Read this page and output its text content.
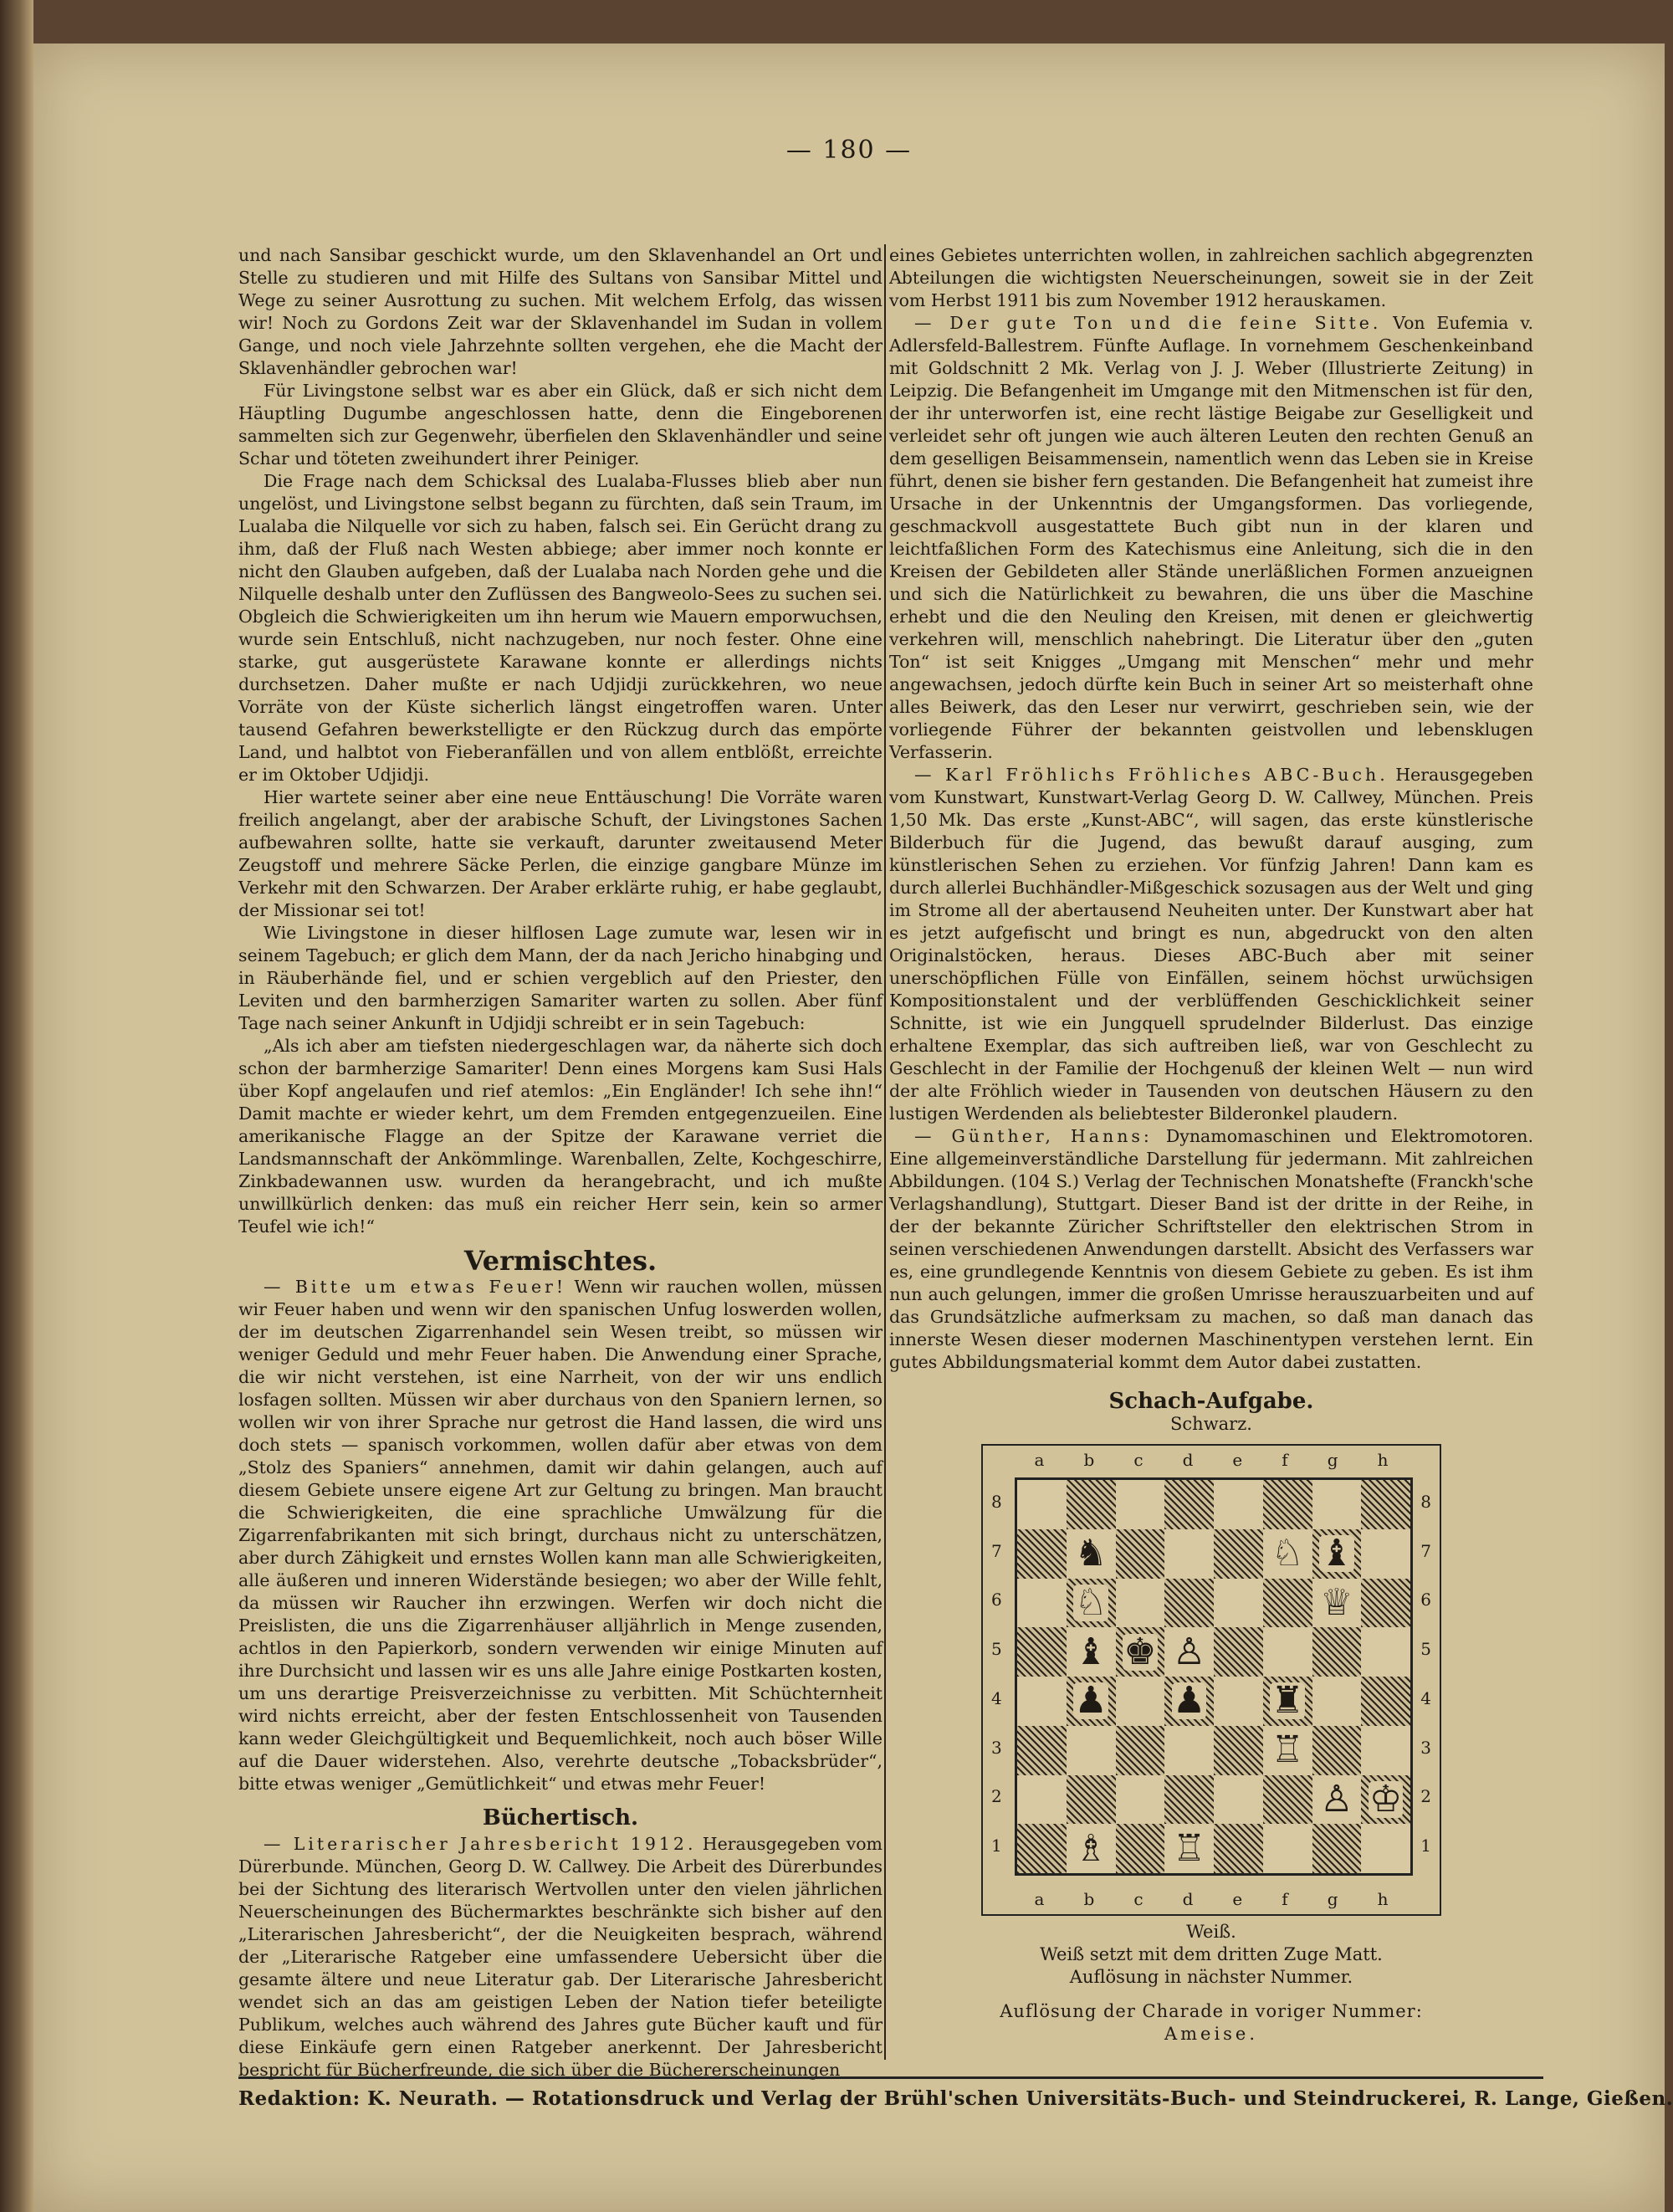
— 180 —

und nach Sansibar geschickt wurde, um den Sklavenhandel an Ort und Stelle zu studieren und mit Hilfe des Sultans von Sansibar Mittel und Wege zu seiner Ausrottung zu suchen. Mit welchem Erfolg, das wissen wir! Noch zu Gordons Zeit war der Sklavenhandel im Sudan in vollem Gange, und noch viele Jahrzehnte sollten vergehen, ehe die Macht der Sklavenhändler gebrochen war!

Für Livingstone selbst war es aber ein Glück, daß er sich nicht dem Häuptling Dugumbe angeschlossen hatte, denn die Eingeborenen sammelten sich zur Gegenwehr, überfielen den Sklavenhändler und seine Schar und töteten zweihundert ihrer Peiniger.

Die Frage nach dem Schicksal des Lualaba-Flusses blieb aber nun ungelöst, und Livingstone selbst begann zu fürchten, daß sein Traum, im Lualaba die Nilquelle vor sich zu haben, falsch sei. Ein Gerücht drang zu ihm, daß der Fluß nach Westen abbiege; aber immer noch konnte er nicht den Glauben aufgeben, daß der Lualaba nach Norden gehe und die Nilquelle deshalb unter den Zuflüssen des Bangweolo-Sees zu suchen sei. Obgleich die Schwierigkeiten um ihn herum wie Mauern emporwuchsen, wurde sein Entschluß, nicht nachzugeben, nur noch fester. Ohne eine starke, gut ausgerüstete Karawane konnte er allerdings nichts durchsetzen. Daher mußte er nach Udjidji zurückkehren, wo neue Vorräte von der Küste sicherlich längst eingetroffen waren. Unter tausend Gefahren bewerkstelligte er den Rückzug durch das empörte Land, und halbtot von Fieberanfällen und von allem entblößt, erreichte er im Oktober Udjidji.

Hier wartete seiner aber eine neue Enttäuschung! Die Vorräte waren freilich angelangt, aber der arabische Schuft, der Livingstones Sachen aufbewahren sollte, hatte sie verkauft, darunter zweitausend Meter Zeugstoff und mehrere Säcke Perlen, die einzige gangbare Münze im Verkehr mit den Schwarzen. Der Araber erklärte ruhig, er habe geglaubt, der Missionar sei tot!

Wie Livingstone in dieser hilflosen Lage zumute war, lesen wir in seinem Tagebuch; er glich dem Mann, der da nach Jericho hinabging und in Räuberhände fiel, und er schien vergeblich auf den Priester, den Leviten und den barmherzigen Samariter warten zu sollen. Aber fünf Tage nach seiner Ankunft in Udjidji schreibt er in sein Tagebuch:

„Als ich aber am tiefsten niedergeschlagen war, da näherte sich doch schon der barmherzige Samariter! Denn eines Morgens kam Susi Hals über Kopf angelaufen und rief atemlos: „Ein Engländer! Ich sehe ihn!“ Damit machte er wieder kehrt, um dem Fremden entgegenzueilen. Eine amerikanische Flagge an der Spitze der Karawane verriet die Landsmannschaft der Ankömmlinge. Warenballen, Zelte, Kochgeschirre, Zinkbadewannen usw. wurden da herangebracht, und ich mußte unwillkürlich denken: das muß ein reicher Herr sein, kein so armer Teufel wie ich!“

Vermischtes.

— Bitte um etwas Feuer! Wenn wir rauchen wollen, müssen wir Feuer haben und wenn wir den spanischen Unfug loswerden wollen, der im deutschen Zigarrenhandel sein Wesen treibt, so müssen wir weniger Geduld und mehr Feuer haben. Die Anwendung einer Sprache, die wir nicht verstehen, ist eine Narrheit, von der wir uns endlich losfagen sollten. Müssen wir aber durchaus von den Spaniern lernen, so wollen wir von ihrer Sprache nur getrost die Hand lassen, die wird uns doch stets — spanisch vorkommen, wollen dafür aber etwas von dem „Stolz des Spaniers“ annehmen, damit wir dahin gelangen, auch auf diesem Gebiete unsere eigene Art zur Geltung zu bringen. Man braucht die Schwierigkeiten, die eine sprachliche Umwälzung für die Zigarrenfabrikanten mit sich bringt, durchaus nicht zu unterschätzen, aber durch Zähigkeit und ernstes Wollen kann man alle Schwierigkeiten, alle äußeren und inneren Widerstände besiegen; wo aber der Wille fehlt, da müssen wir Raucher ihn erzwingen. Werfen wir doch nicht die Preislisten, die uns die Zigarrenhäuser alljährlich in Menge zusenden, achtlos in den Papierkorb, sondern verwenden wir einige Minuten auf ihre Durchsicht und lassen wir es uns alle Jahre einige Postkarten kosten, um uns derartige Preisverzeichnisse zu verbitten. Mit Schüchternheit wird nichts erreicht, aber der festen Entschlossenheit von Tausenden kann weder Gleichgültigkeit und Bequemlichkeit, noch auch böser Wille auf die Dauer widerstehen. Also, verehrte deutsche „Tobacksbrüder“, bitte etwas weniger „Gemütlichkeit“ und etwas mehr Feuer!

Büchertisch.

— Literarischer Jahresbericht 1912. Herausgegeben vom Dürerbunde. München, Georg D. W. Callwey. Die Arbeit des Dürerbundes bei der Sichtung des literarisch Wertvollen unter den vielen jährlichen Neuerscheinungen des Büchermarktes beschränkte sich bisher auf den „Literarischen Jahresbericht“, der die Neuigkeiten besprach, während der „Literarische Ratgeber eine umfassendere Uebersicht über die gesamte ältere und neue Literatur gab. Der Literarische Jahresbericht wendet sich an das am geistigen Leben der Nation tiefer beteiligte Publikum, welches auch während des Jahres gute Bücher kauft und für diese Einkäufe gern einen Ratgeber anerkennt. Der Jahresbericht bespricht für Bücherfreunde, die sich über die Büchererscheinungen

eines Gebietes unterrichten wollen, in zahlreichen sachlich abgegrenzten Abteilungen die wichtigsten Neuerscheinungen, soweit sie in der Zeit vom Herbst 1911 bis zum November 1912 herauskamen.

— Der gute Ton und die feine Sitte. Von Eufemia v. Adlersfeld-Ballestrem. Fünfte Auflage. In vornehmem Geschenkeinband mit Goldschnitt 2 Mk. Verlag von J. J. Weber (Illustrierte Zeitung) in Leipzig. Die Befangenheit im Umgange mit den Mitmenschen ist für den, der ihr unterworfen ist, eine recht lästige Beigabe zur Geselligkeit und verleidet sehr oft jungen wie auch älteren Leuten den rechten Genuß an dem geselligen Beisammensein, namentlich wenn das Leben sie in Kreise führt, denen sie bisher fern gestanden. Die Befangenheit hat zumeist ihre Ursache in der Unkenntnis der Umgangsformen. Das vorliegende, geschmackvoll ausgestattete Buch gibt nun in der klaren und leichtfaßlichen Form des Katechismus eine Anleitung, sich die in den Kreisen der Gebildeten aller Stände unerläßlichen Formen anzueignen und sich die Natürlichkeit zu bewahren, die uns über die Maschine erhebt und die den Neuling den Kreisen, mit denen er gleichwertig verkehren will, menschlich nahebringt. Die Literatur über den „guten Ton“ ist seit Knigges „Umgang mit Menschen“ mehr und mehr angewachsen, jedoch dürfte kein Buch in seiner Art so meisterhaft ohne alles Beiwerk, das den Leser nur verwirrt, geschrieben sein, wie der vorliegende Führer der bekannten geistvollen und lebensklugen Verfasserin.

— Karl Fröhlichs Fröhliches ABC-Buch. Herausgegeben vom Kunstwart, Kunstwart-Verlag Georg D. W. Callwey, München. Preis 1,50 Mk. Das erste „Kunst-ABC“, will sagen, das erste künstlerische Bilderbuch für die Jugend, das bewußt darauf ausging, zum künstlerischen Sehen zu erziehen. Vor fünfzig Jahren! Dann kam es durch allerlei Buchhändler-Mißgeschick sozusagen aus der Welt und ging im Strome all der abertausend Neuheiten unter. Der Kunstwart aber hat es jetzt aufgefischt und bringt es nun, abgedruckt von den alten Originalstöcken, heraus. Dieses ABC-Buch aber mit seiner unerschöpflichen Fülle von Einfällen, seinem höchst urwüchsigen Kompositionstalent und der verblüffenden Geschicklichkeit seiner Schnitte, ist wie ein Jungquell sprudelnder Bilderlust. Das einzige erhaltene Exemplar, das sich auftreiben ließ, war von Geschlecht zu Geschlecht in der Familie der Hochgenuß der kleinen Welt — nun wird der alte Fröhlich wieder in Tausenden von deutschen Häusern zu den lustigen Werdenden als beliebtester Bilderonkel plaudern.

— Günther, Hanns: Dynamomaschinen und Elektromotoren. Eine allgemeinverständliche Darstellung für jedermann. Mit zahlreichen Abbildungen. (104 S.) Verlag der Technischen Monatshefte (Franckh'sche Verlagshandlung), Stuttgart. Dieser Band ist der dritte in der Reihe, in der der bekannte Züricher Schriftsteller den elektrischen Strom in seinen verschiedenen Anwendungen darstellt. Absicht des Verfassers war es, eine grundlegende Kenntnis von diesem Gebiete zu geben. Es ist ihm nun auch gelungen, immer die großen Umrisse herauszuarbeiten und auf das Grundsätzliche aufmerksam zu machen, so daß man danach das innerste Wesen dieser modernen Maschinentypen verstehen lernt. Ein gutes Abbildungsmaterial kommt dem Autor dabei zustatten.

Schach-Aufgabe.
Schwarz.
a b c d e f g h
8
7
6
5
4
3
2
1
♞	♘ ♝
♘	♕
♝ ♚ ♙
♟ ♟ ♜
♖
♙ ♔
♗ ♖
8
7
6
5
4
3
2
1
a b c d e f g h
Weiß.
Weiß setzt mit dem dritten Zuge Matt.
Auflösung in nächster Nummer.
Auflösung der Charade in voriger Nummer:
Ameise.
Redaktion: K. Neurath. — Rotationsdruck und Verlag der Brühl'schen Universitäts-Buch- und Steindruckerei, R. Lange, Gießen.
